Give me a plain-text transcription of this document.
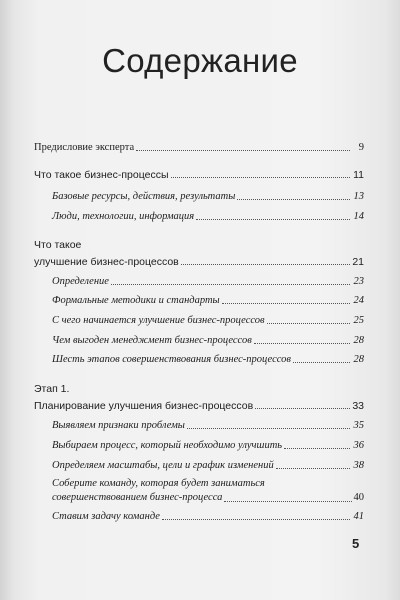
Содержание
Предисловие эксперта	9
Что такое бизнес-процессы	11
Базовые ресурсы, действия, результаты	13
Люди, технологии, информация	14
Что такое
улучшение бизнес-процессов	21
Определение	23
Формальные методики и стандарты	24
С чего начинается улучшение бизнес-процессов	25
Чем выгоден менеджмент бизнес-процессов	28
Шесть этапов совершенствования бизнес-процессов	28
Этап 1.
Планирование улучшения бизнес-процессов	33
Выявляем признаки проблемы	35
Выбираем процесс, который необходимо улучшить	36
Определяем масштабы, цели и график изменений	38
Соберите команду, которая будет заниматься
совершенствованием бизнес-процесса	40
Ставим задачу команде	41
5
